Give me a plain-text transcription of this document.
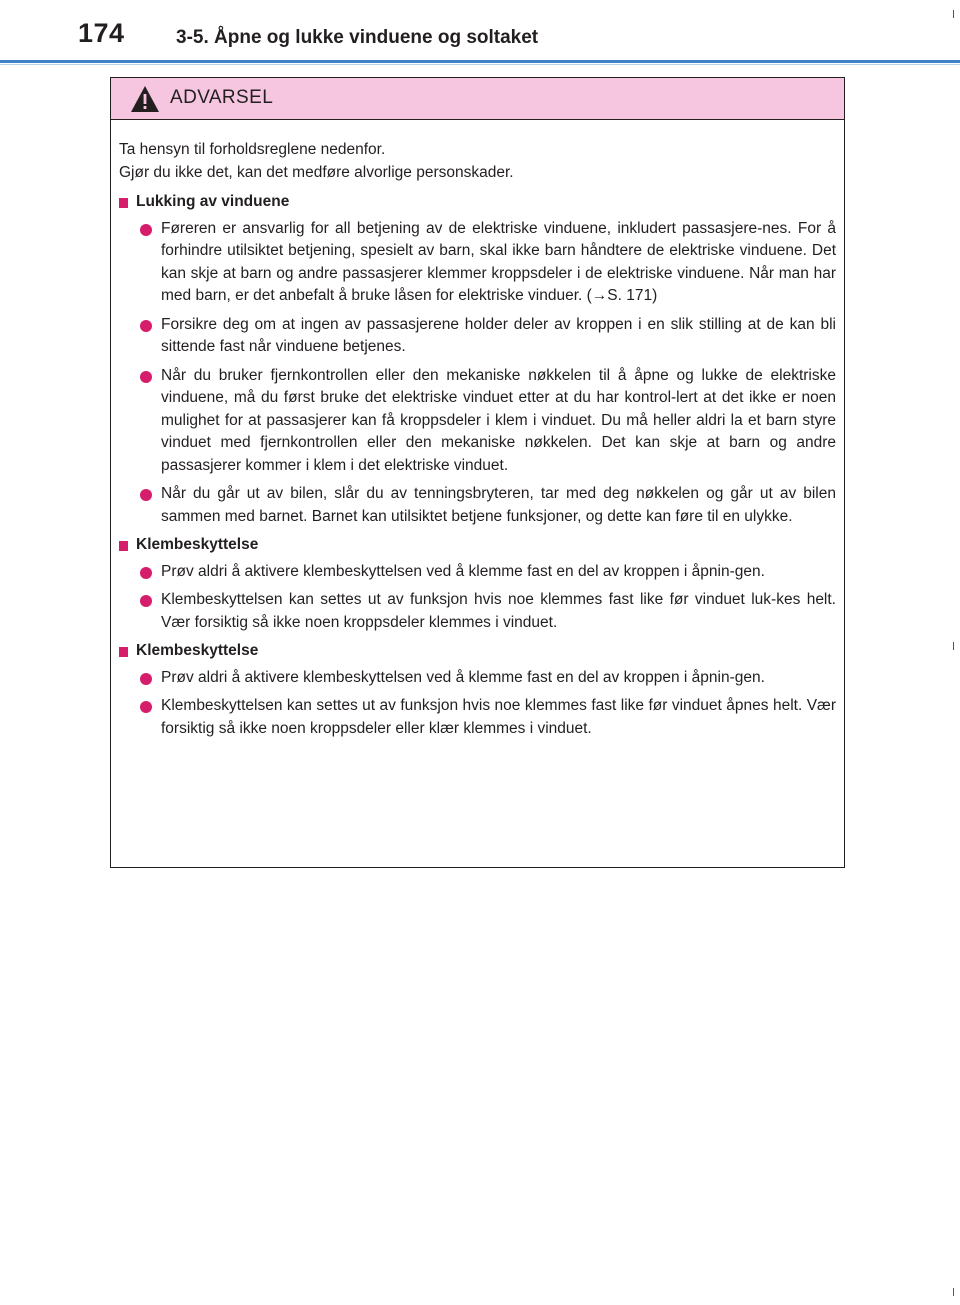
174	3-5. Åpne og lukke vinduene og soltaket
ADVARSEL

Ta hensyn til forholdsreglene nedenfor.
Gjør du ikke det, kan det medføre alvorlige personskader.

Lukking av vinduene
Føreren er ansvarlig for all betjening av de elektriske vinduene, inkludert passasjere-nes. For å forhindre utilsiktet betjening, spesielt av barn, skal ikke barn håndtere de elektriske vinduene. Det kan skje at barn og andre passasjerer klemmer kroppsdeler i de elektriske vinduene. Når man har med barn, er det anbefalt å bruke låsen for elektriske vinduer. (→S. 171)
Forsikre deg om at ingen av passasjerene holder deler av kroppen i en slik stilling at de kan bli sittende fast når vinduene betjenes.
Når du bruker fjernkontrollen eller den mekaniske nøkkelen til å åpne og lukke de elektriske vinduene, må du først bruke det elektriske vinduet etter at du har kontrol-lert at det ikke er noen mulighet for at passasjerer kan få kroppsdeler i klem i vinduet. Du må heller aldri la et barn styre vinduet med fjernkontrollen eller den mekaniske nøkkelen. Det kan skje at barn og andre passasjerer kommer i klem i det elektriske vinduet.
Når du går ut av bilen, slår du av tenningsbryteren, tar med deg nøkkelen og går ut av bilen sammen med barnet. Barnet kan utilsiktet betjene funksjoner, og dette kan føre til en ulykke.
Klembeskyttelse
Prøv aldri å aktivere klembeskyttelsen ved å klemme fast en del av kroppen i åpnin-gen.
Klembeskyttelsen kan settes ut av funksjon hvis noe klemmes fast like før vinduet luk-kes helt. Vær forsiktig så ikke noen kroppsdeler klemmes i vinduet.
Klembeskyttelse
Prøv aldri å aktivere klembeskyttelsen ved å klemme fast en del av kroppen i åpnin-gen.
Klembeskyttelsen kan settes ut av funksjon hvis noe klemmes fast like før vinduet åpnes helt. Vær forsiktig så ikke noen kroppsdeler eller klær klemmes i vinduet.
